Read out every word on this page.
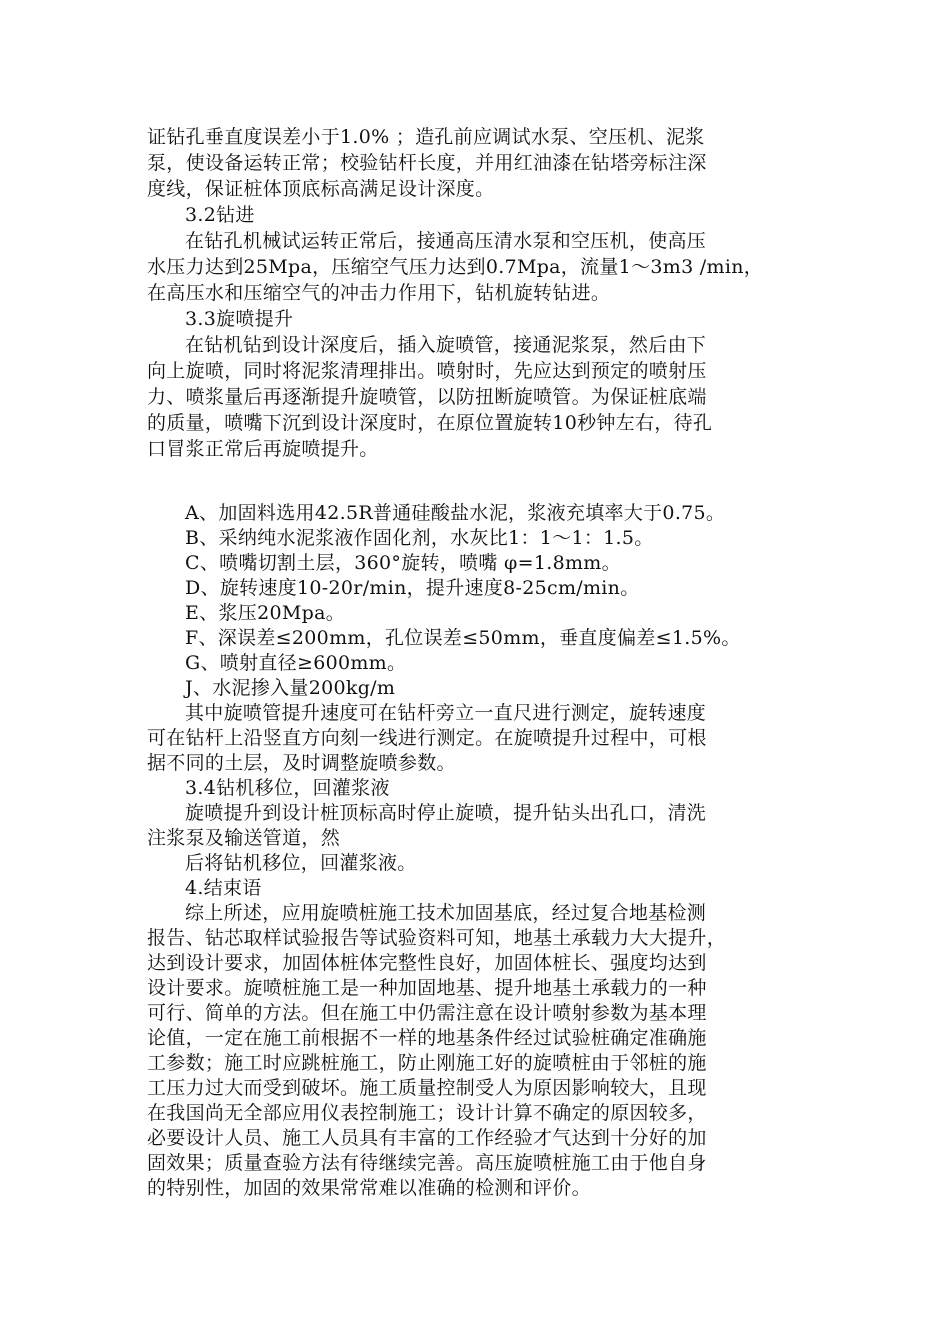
证钻孔垂直度误差小于1.0% ；造孔前应调试水泵、空压机、泥浆
泵，使设备运转正常；校验钻杆长度，并用红油漆在钻塔旁标注深
度线，保证桩体顶底标高满足设计深度。
3.2钻进
在钻孔机械试运转正常后，接通高压清水泵和空压机，使高压
水压力达到25Mpa，压缩空气压力达到0.7Mpa，流量1～3m3 /min，
在高压水和压缩空气的冲击力作用下，钻机旋转钻进。
3.3旋喷提升
在钻机钻到设计深度后，插入旋喷管，接通泥浆泵，然后由下
向上旋喷，同时将泥浆清理排出。喷射时，先应达到预定的喷射压
力、喷浆量后再逐渐提升旋喷管，以防扭断旋喷管。为保证桩底端
的质量，喷嘴下沉到设计深度时，在原位置旋转10秒钟左右，待孔
口冒浆正常后再旋喷提升。
A、加固料选用42.5R普通硅酸盐水泥，浆液充填率大于0.75。
B、采纳纯水泥浆液作固化剂，水灰比1：1～1：1.5。
C、喷嘴切割土层，360°旋转，喷嘴 φ=1.8mm。
D、旋转速度10-20r/min，提升速度8-25cm/min。
E、浆压20Mpa。
F、深误差≤200mm，孔位误差≤50mm，垂直度偏差≤1.5%。
G、喷射直径≥600mm。
J、水泥掺入量200kg/m
其中旋喷管提升速度可在钻杆旁立一直尺进行测定，旋转速度
可在钻杆上沿竖直方向刻一线进行测定。在旋喷提升过程中，可根
据不同的土层，及时调整旋喷参数。
3.4钻机移位，回灌浆液
旋喷提升到设计桩顶标高时停止旋喷，提升钻头出孔口，清洗
注浆泵及输送管道，然
后将钻机移位，回灌浆液。
4.结束语
综上所述，应用旋喷桩施工技术加固基底，经过复合地基检测
报告、钻芯取样试验报告等试验资料可知，地基土承载力大大提升，
达到设计要求，加固体桩体完整性良好，加固体桩长、强度均达到
设计要求。旋喷桩施工是一种加固地基、提升地基土承载力的一种
可行、简单的方法。但在施工中仍需注意在设计喷射参数为基本理
论值，一定在施工前根据不一样的地基条件经过试验桩确定准确施
工参数；施工时应跳桩施工，防止刚施工好的旋喷桩由于邻桩的施
工压力过大而受到破坏。施工质量控制受人为原因影响较大，且现
在我国尚无全部应用仪表控制施工；设计计算不确定的原因较多，
必要设计人员、施工人员具有丰富的工作经验才气达到十分好的加
固效果；质量查验方法有待继续完善。高压旋喷桩施工由于他自身
的特别性，加固的效果常常难以准确的检测和评价。
